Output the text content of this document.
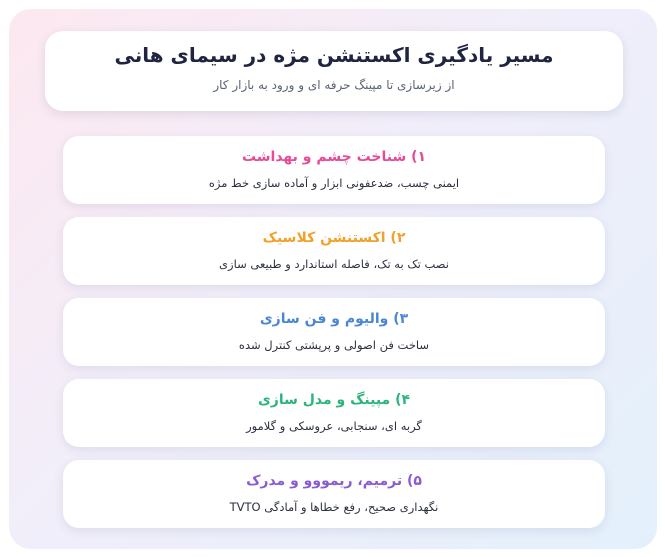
مسیر یادگیری اکستنشن مژه در سیمای هانی
از زیرسازی تا مپینگ حرفه ای و ورود به بازار کار
۱) شناخت چشم و بهداشت
ایمنی چسب، ضدعفونی ابزار و آماده سازی خط مژه
۲) اکستنشن کلاسیک
نصب تک به تک، فاصله استاندارد و طبیعی سازی
۳) والیوم و فن سازی
ساخت فن اصولی و پرپشتی کنترل شده
۴) مپینگ و مدل سازی
گربه ای، سنجابی، عروسکی و گلامور
۵) ترمیم، ریمووو و مدرک
نگهداری صحیح، رفع خطاها و آمادگی TVTO
